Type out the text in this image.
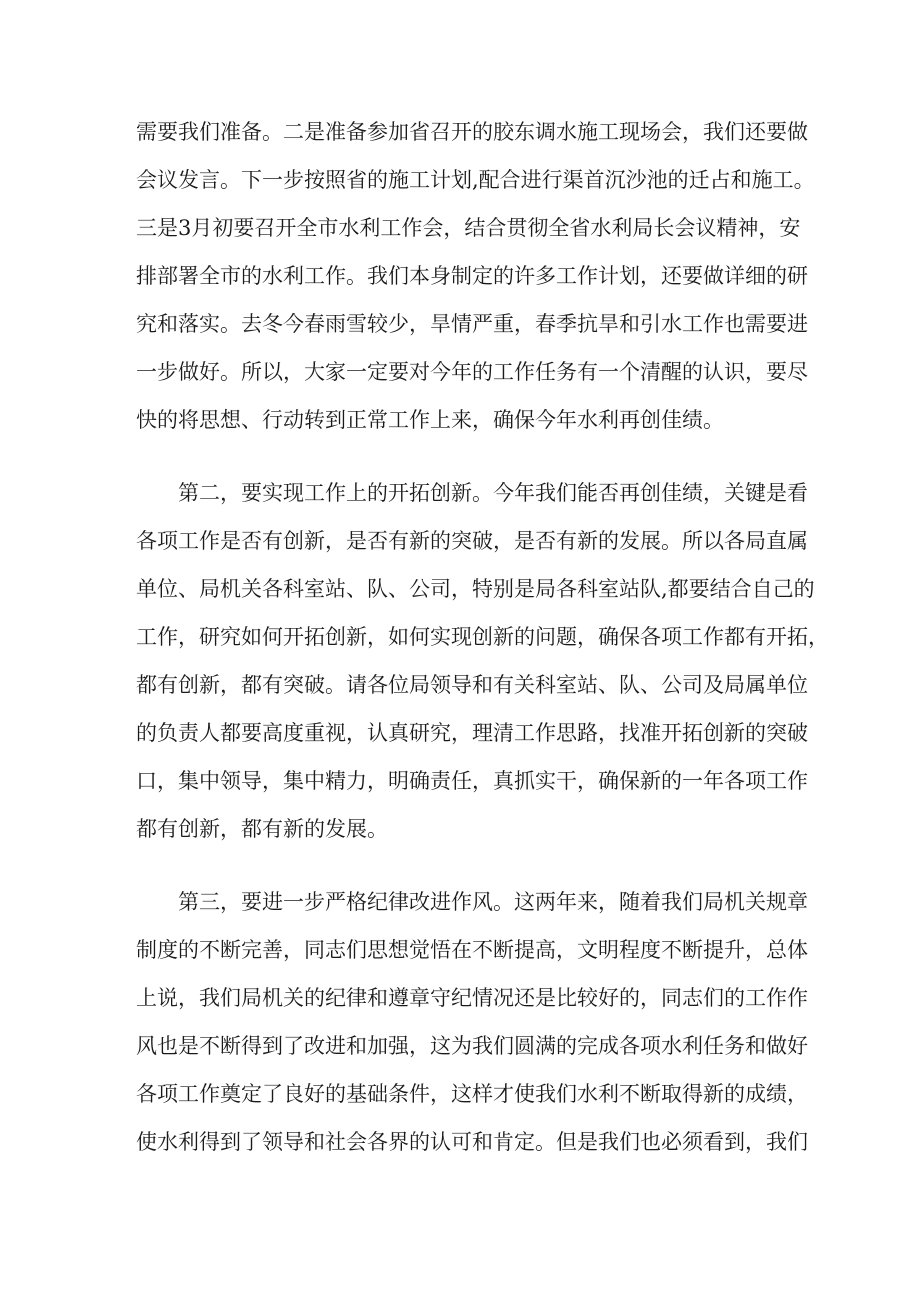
需要我们准备。二是准备参加省召开的胶东调水施工现场会，我们还要做
会议发言。下一步按照省的施工计划,配合进行渠首沉沙池的迁占和施工。
三是3月初要召开全市水利工作会，结合贯彻全省水利局长会议精神，安
排部署全市的水利工作。我们本身制定的许多工作计划，还要做详细的研
究和落实。去冬今春雨雪较少，旱情严重，春季抗旱和引水工作也需要进
一步做好。所以，大家一定要对今年的工作任务有一个清醒的认识，要尽
快的将思想、行动转到正常工作上来，确保今年水利再创佳绩。
第二，要实现工作上的开拓创新。今年我们能否再创佳绩，关键是看
各项工作是否有创新，是否有新的突破，是否有新的发展。所以各局直属
单位、局机关各科室站、队、公司，特别是局各科室站队,都要结合自己的
工作，研究如何开拓创新，如何实现创新的问题，确保各项工作都有开拓，
都有创新，都有突破。请各位局领导和有关科室站、队、公司及局属单位
的负责人都要高度重视，认真研究，理清工作思路，找准开拓创新的突破
口，集中领导，集中精力，明确责任，真抓实干，确保新的一年各项工作
都有创新，都有新的发展。
第三，要进一步严格纪律改进作风。这两年来，随着我们局机关规章
制度的不断完善，同志们思想觉悟在不断提高，文明程度不断提升，总体
上说，我们局机关的纪律和遵章守纪情况还是比较好的，同志们的工作作
风也是不断得到了改进和加强，这为我们圆满的完成各项水利任务和做好
各项工作奠定了良好的基础条件，这样才使我们水利不断取得新的成绩，
使水利得到了领导和社会各界的认可和肯定。但是我们也必须看到，我们
